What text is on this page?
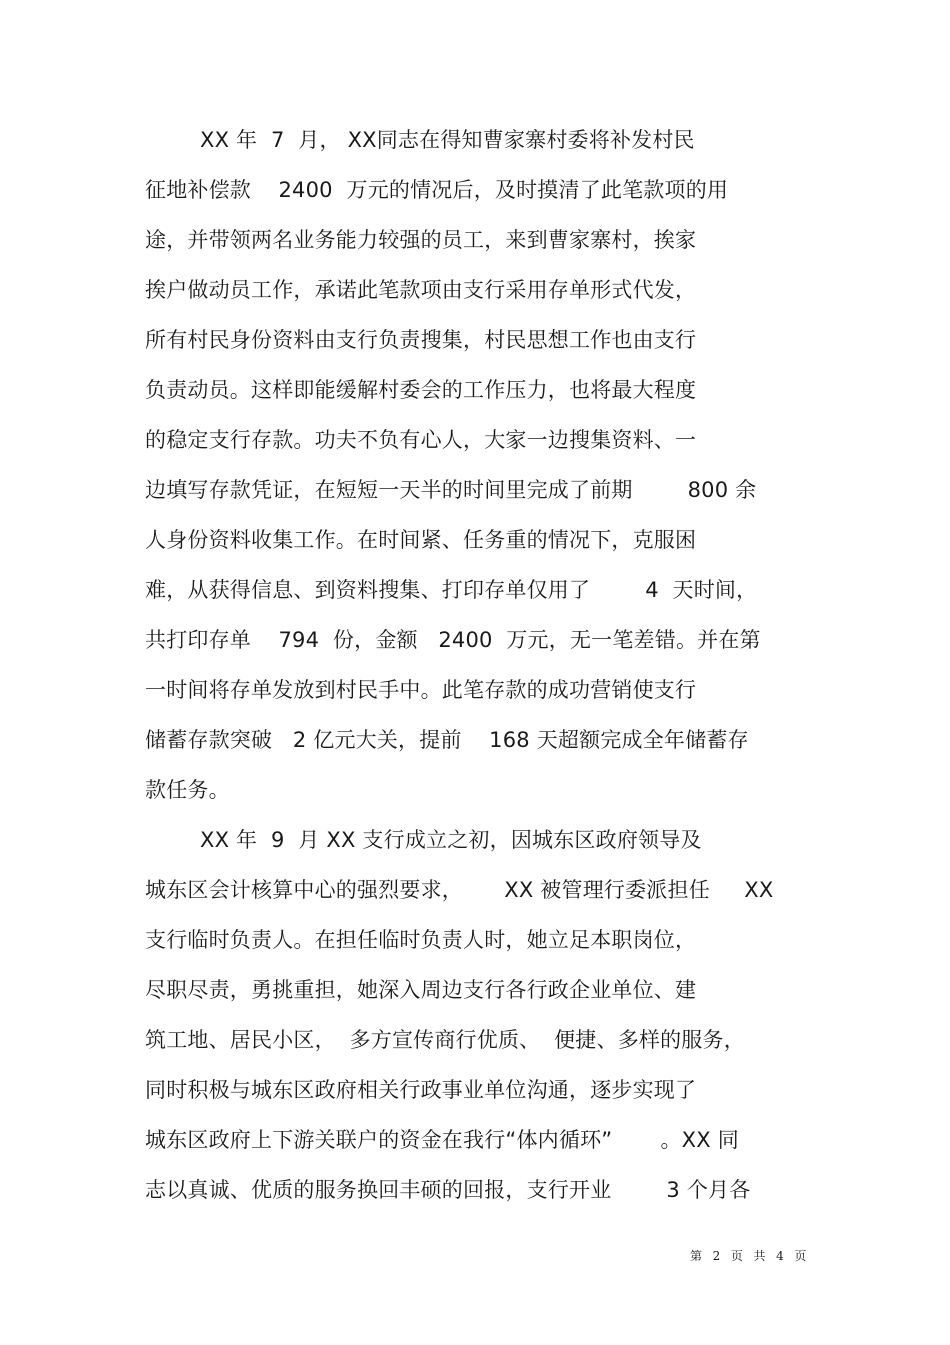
XX 年  7  月， XX同志在得知曹家寨村委将补发村民
征地补偿款    2400  万元的情况后，及时摸清了此笔款项的用
途，并带领两名业务能力较强的员工，来到曹家寨村，挨家
挨户做动员工作，承诺此笔款项由支行采用存单形式代发，
所有村民身份资料由支行负责搜集，村民思想工作也由支行
负责动员。这样即能缓解村委会的工作压力，也将最大程度
的稳定支行存款。功夫不负有心人，大家一边搜集资料、一
边填写存款凭证，在短短一天半的时间里完成了前期        800 余
人身份资料收集工作。在时间紧、任务重的情况下，克服困
难，从获得信息、到资料搜集、打印存单仅用了        4  天时间，
共打印存单    794  份，金额   2400  万元，无一笔差错。并在第
一时间将存单发放到村民手中。此笔存款的成功营销使支行
储蓄存款突破   2 亿元大关，提前    168 天超额完成全年储蓄存
款任务。
XX 年  9  月 XX 支行成立之初，因城东区政府领导及
城东区会计核算中心的强烈要求，      XX 被管理行委派担任     XX
支行临时负责人。在担任临时负责人时，她立足本职岗位，
尽职尽责，勇挑重担，她深入周边支行各行政企业单位、建
筑工地、居民小区，  多方宣传商行优质、  便捷、多样的服务，
同时积极与城东区政府相关行政事业单位沟通，逐步实现了
城东区政府上下游关联户的资金在我行“体内循环”       。XX 同
志以真诚、优质的服务换回丰硕的回报，支行开业        3 个月各
第  2  页  共  4  页
